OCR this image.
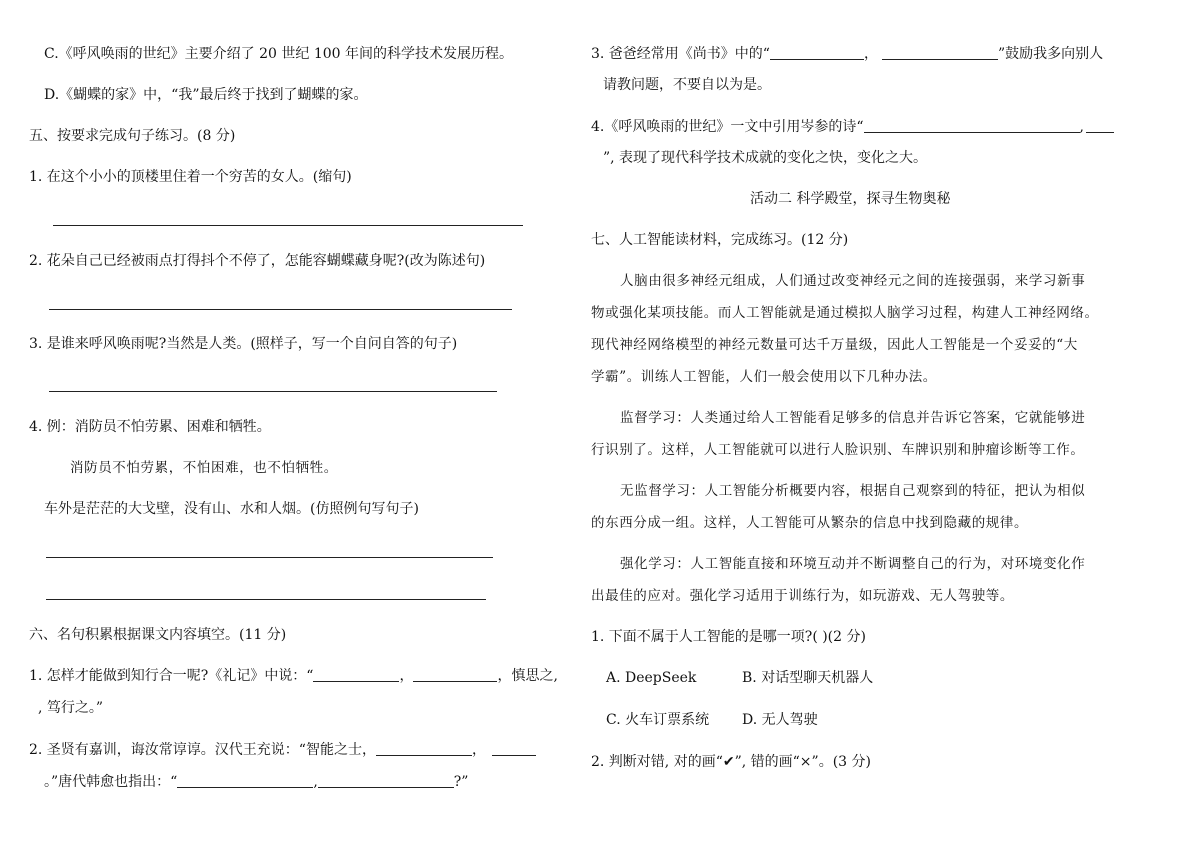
C.《呼风唤雨的世纪》主要介绍了 20 世纪 100 年间的科学技术发展历程。
D.《蝴蝶的家》中，“我”最后终于找到了蝴蝶的家。
五、按要求完成句子练习。(8 分)
1. 在这个小小的顶楼里住着一个穷苦的女人。(缩句)
2. 花朵自己已经被雨点打得抖个不停了，怎能容蝴蝶藏身呢?(改为陈述句)
3. 是谁来呼风唤雨呢?当然是人类。(照样子，写一个自问自答的句子)
4. 例：消防员不怕劳累、困难和牺牲。
消防员不怕劳累，不怕困难，也不怕牺牲。
车外是茫茫的大戈壁，没有山、水和人烟。(仿照例句写句子)
六、名句积累根据课文内容填空。(11 分)
1. 怎样才能做到知行合一呢?《礼记》中说：“	，	，慎思之,
, 笃行之。”
2. 圣贤有嘉训，诲汝常谆谆。汉代王充说：“智能之士，	，
。”唐代韩愈也指出：“	,	?”
3. 爸爸经常用《尚书》中的“	，	”鼓励我多向别人
请教问题，不要自以为是。
4.《呼风唤雨的世纪》一文中引用岑参的诗“	,
”, 表现了现代科学技术成就的变化之快，变化之大。
活动二 科学殿堂，探寻生物奥秘
七、人工智能读材料，完成练习。(12 分)
人脑由很多神经元组成，人们通过改变神经元之间的连接强弱，来学习新事
物或强化某项技能。而人工智能就是通过模拟人脑学习过程，构建人工神经网络。
现代神经网络模型的神经元数量可达千万量级，因此人工智能是一个妥妥的“大
学霸”。训练人工智能，人们一般会使用以下几种办法。
监督学习：人类通过给人工智能看足够多的信息并告诉它答案，它就能够进
行识别了。这样，人工智能就可以进行人脸识别、车牌识别和肿瘤诊断等工作。
无监督学习：人工智能分析概要内容，根据自己观察到的特征，把认为相似
的东西分成一组。这样，人工智能可从繁杂的信息中找到隐藏的规律。
强化学习：人工智能直接和环境互动并不断调整自己的行为，对环境变化作
出最佳的应对。强化学习适用于训练行为，如玩游戏、无人驾驶等。
1. 下面不属于人工智能的是哪一项?( )(2 分)
A. DeepSeek	B. 对话型聊天机器人
C. 火车订票系统 D. 无人驾驶
2. 判断对错, 对的画“✔”, 错的画“×”。(3 分)
